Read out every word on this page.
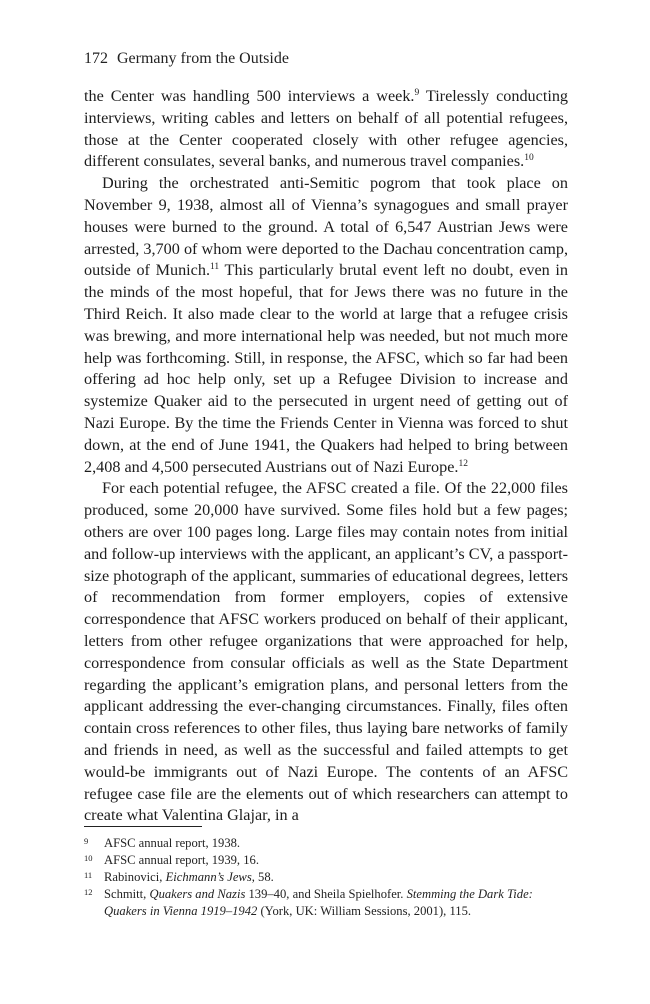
172 Germany from the Outside

the Center was handling 500 interviews a week.$^9$ Tirelessly conducting interviews, writing cables and letters on behalf of all potential refugees, those at the Center cooperated closely with other refugee agencies, different consulates, several banks, and numerous travel companies.$^{10}$

During the orchestrated anti-Semitic pogrom that took place on November 9, 1938, almost all of Vienna’s synagogues and small prayer houses were burned to the ground. A total of 6,547 Austrian Jews were arrested, 3,700 of whom were deported to the Dachau concentration camp, outside of Munich.$^{11}$ This particularly brutal event left no doubt, even in the minds of the most hopeful, that for Jews there was no future in the Third Reich. It also made clear to the world at large that a refugee crisis was brewing, and more international help was needed, but not much more help was forthcoming. Still, in response, the AFSC, which so far had been offering ad hoc help only, set up a Refugee Division to increase and systemize Quaker aid to the persecuted in urgent need of getting out of Nazi Europe. By the time the Friends Center in Vienna was forced to shut down, at the end of June 1941, the Quakers had helped to bring between 2,408 and 4,500 persecuted Austrians out of Nazi Europe.$^{12}$

For each potential refugee, the AFSC created a file. Of the 22,000 files produced, some 20,000 have survived. Some files hold but a few pages; others are over 100 pages long. Large files may contain notes from initial and follow-up interviews with the applicant, an applicant’s CV, a passport-size photograph of the applicant, summaries of educational degrees, letters of recommendation from former employers, copies of extensive correspondence that AFSC workers produced on behalf of their applicant, letters from other refugee organizations that were approached for help, correspondence from consular officials as well as the State Department regarding the applicant’s emigration plans, and personal letters from the applicant addressing the ever-changing circumstances. Finally, files often contain cross references to other files, thus laying bare networks of family and friends in need, as well as the successful and failed attempts to get would-be immigrants out of Nazi Europe. The contents of an AFSC refugee case file are the elements out of which researchers can attempt to create what Valentina Glajar, in a

9	AFSC annual report, 1938.
10 AFSC annual report, 1939, 16.
11 Rabinovici, Eichmann’s Jews, 58.
12 Schmitt, Quakers and Nazis 139–40, and Sheila Spielhofer. Stemming the Dark Tide: Quakers in Vienna 1919–1942 (York, UK: William Sessions, 2001), 115.
